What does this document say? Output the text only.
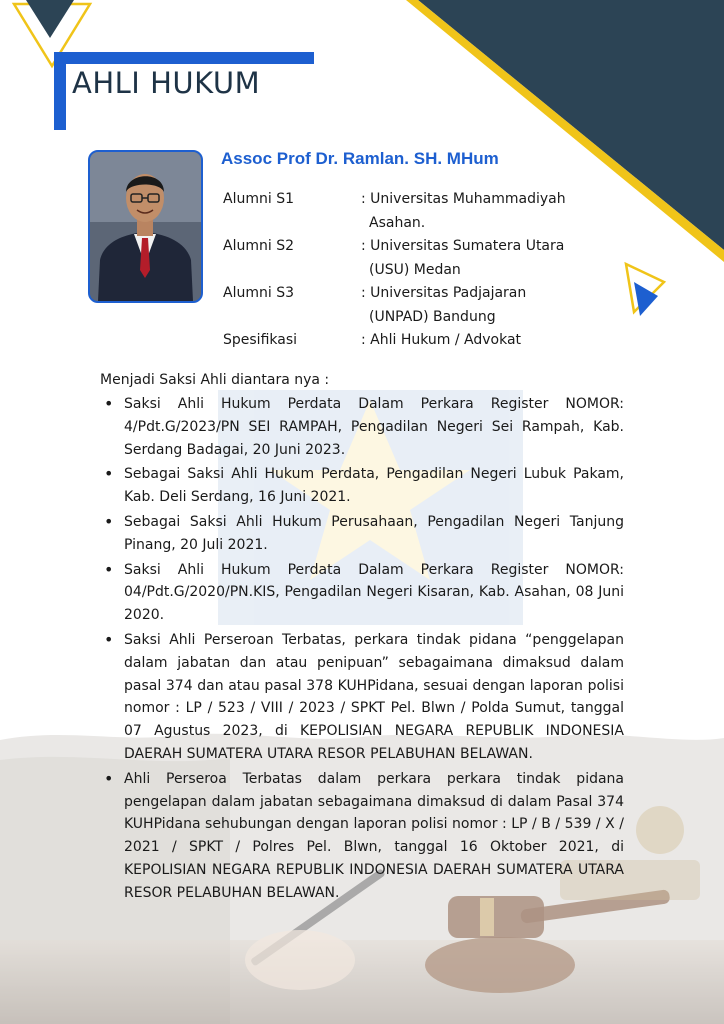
AHLI HUKUM
Assoc Prof Dr. Ramlan. SH. MHum
Alumni S1	: Universitas Muhammadiyah
Asahan.
Alumni S2	: Universitas Sumatera Utara
(USU) Medan
Alumni S3	: Universitas Padjajaran
(UNPAD) Bandung
Spesifikasi	: Ahli Hukum / Advokat

Menjadi Saksi Ahli diantara nya :

• Saksi Ahli Hukum Perdata Dalam Perkara Register NOMOR: 4/Pdt.G/2023/PN SEI RAMPAH, Pengadilan Negeri Sei Rampah, Kab. Serdang Badagai, 20 Juni 2023.
• Sebagai Saksi Ahli Hukum Perdata, Pengadilan Negeri Lubuk Pakam, Kab. Deli Serdang, 16 Juni 2021.
• Sebagai Saksi Ahli Hukum Perusahaan, Pengadilan Negeri Tanjung Pinang, 20 Juli 2021.
• Saksi Ahli Hukum Perdata Dalam Perkara Register NOMOR: 04/Pdt.G/2020/PN.KIS, Pengadilan Negeri Kisaran, Kab. Asahan, 08 Juni 2020.
• Saksi Ahli Perseroan Terbatas, perkara tindak pidana “penggelapan dalam jabatan dan atau penipuan” sebagaimana dimaksud dalam pasal 374 dan atau pasal 378 KUHPidana, sesuai dengan laporan polisi nomor : LP / 523 / VIII / 2023 / SPKT Pel. Blwn / Polda Sumut, tanggal 07 Agustus 2023, di KEPOLISIAN NEGARA REPUBLIK INDONESIA DAERAH SUMATERA UTARA RESOR PELABUHAN BELAWAN.
• Ahli Perseroa Terbatas dalam perkara perkara tindak pidana pengelapan dalam jabatan sebagaimana dimaksud di dalam Pasal 374 KUHPidana sehubungan dengan laporan polisi nomor : LP / B / 539 / X / 2021 / SPKT / Polres Pel. Blwn, tanggal 16 Oktober 2021, di KEPOLISIAN NEGARA REPUBLIK INDONESIA DAERAH SUMATERA UTARA RESOR PELABUHAN BELAWAN.
